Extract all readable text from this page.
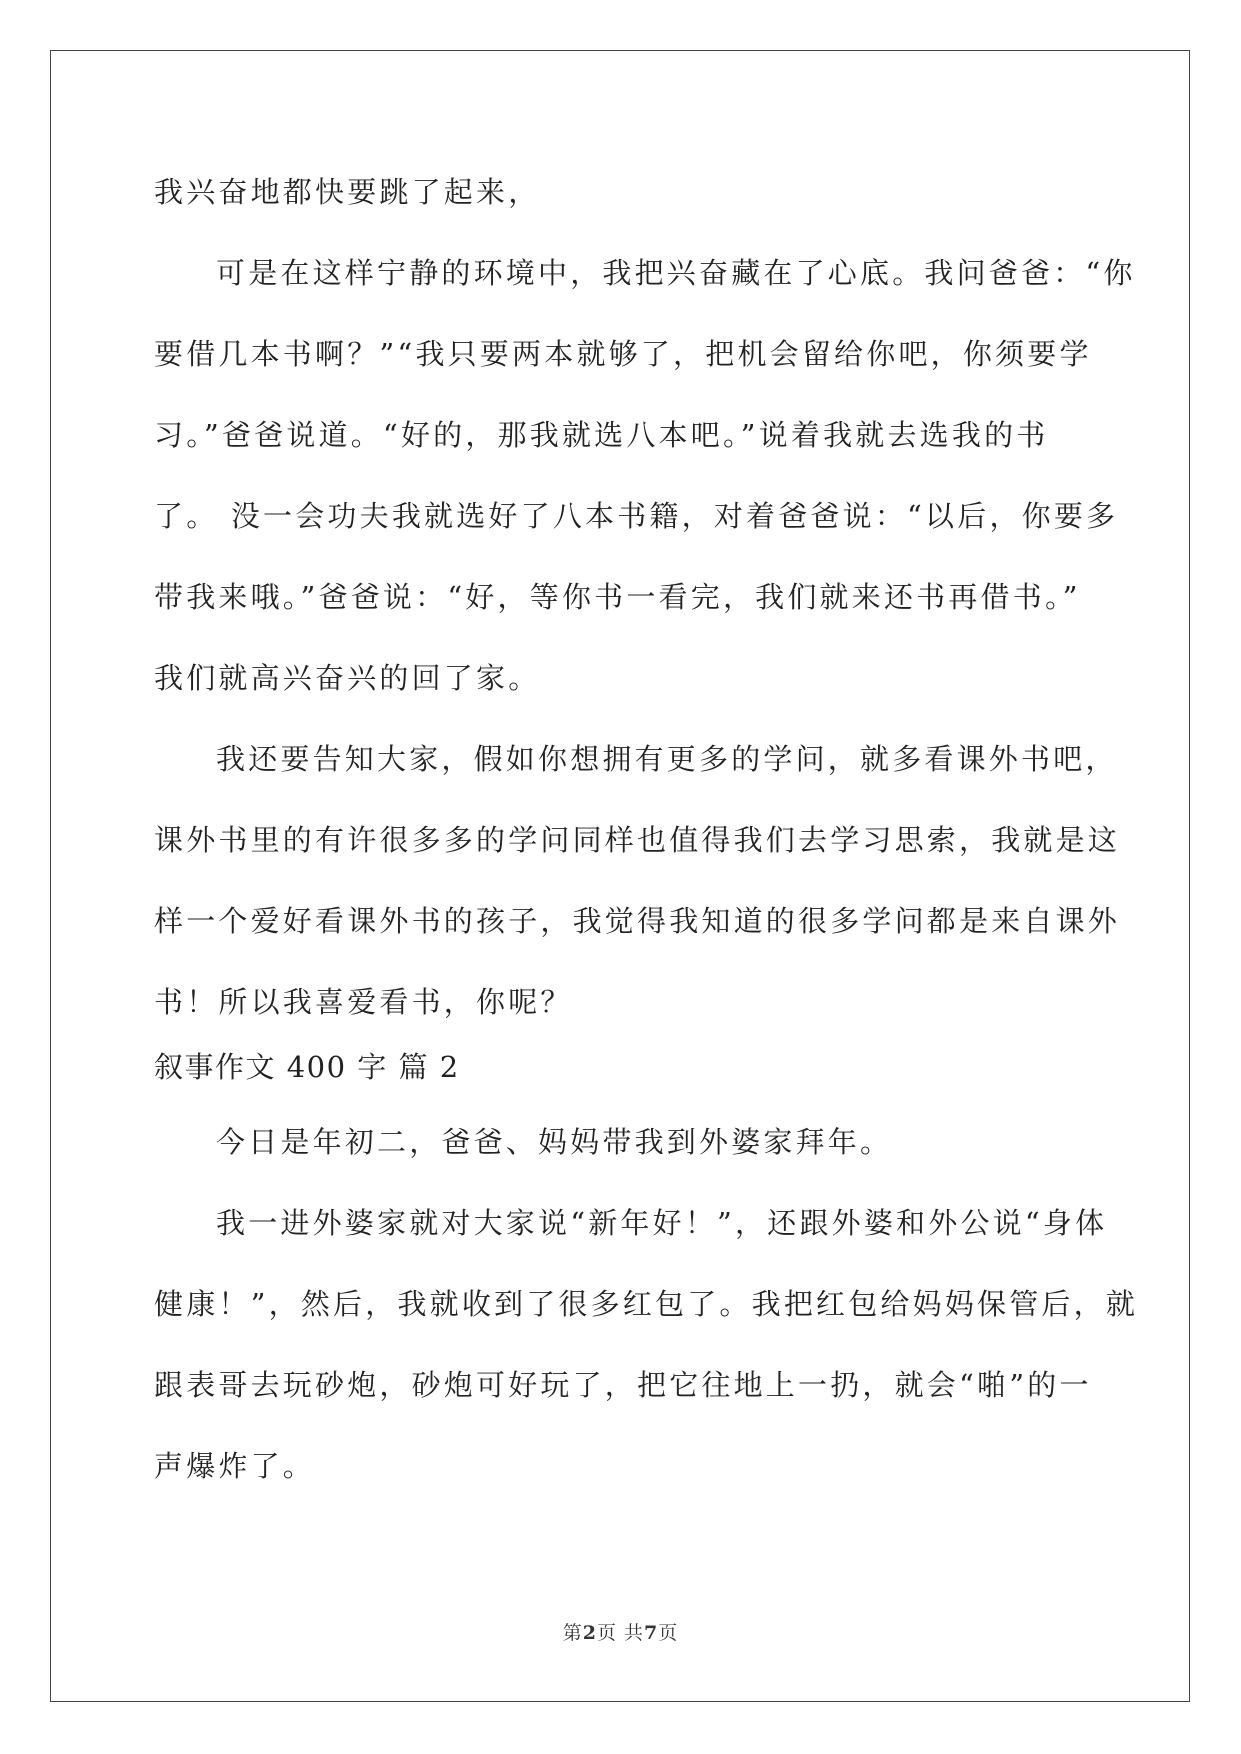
我兴奋地都快要跳了起来，
可是在这样宁静的环境中，我把兴奋藏在了心底。我问爸爸：“你
要借几本书啊？”“我只要两本就够了，把机会留给你吧，你须要学
习。”爸爸说道。“好的，那我就选八本吧。”说着我就去选我的书
了。 没一会功夫我就选好了八本书籍，对着爸爸说：“以后，你要多
带我来哦。”爸爸说：“好，等你书一看完，我们就来还书再借书。”
我们就高兴奋兴的回了家。
我还要告知大家，假如你想拥有更多的学问，就多看课外书吧，
课外书里的有许很多多的学问同样也值得我们去学习思索，我就是这
样一个爱好看课外书的孩子，我觉得我知道的很多学问都是来自课外
书！所以我喜爱看书，你呢？
叙事作文 400 字 篇 2
今日是年初二，爸爸、妈妈带我到外婆家拜年。
我一进外婆家就对大家说“新年好！”，还跟外婆和外公说“身体
健康！”，然后，我就收到了很多红包了。我把红包给妈妈保管后，就
跟表哥去玩砂炮，砂炮可好玩了，把它往地上一扔，就会“啪”的一
声爆炸了。
第2页 共7页
